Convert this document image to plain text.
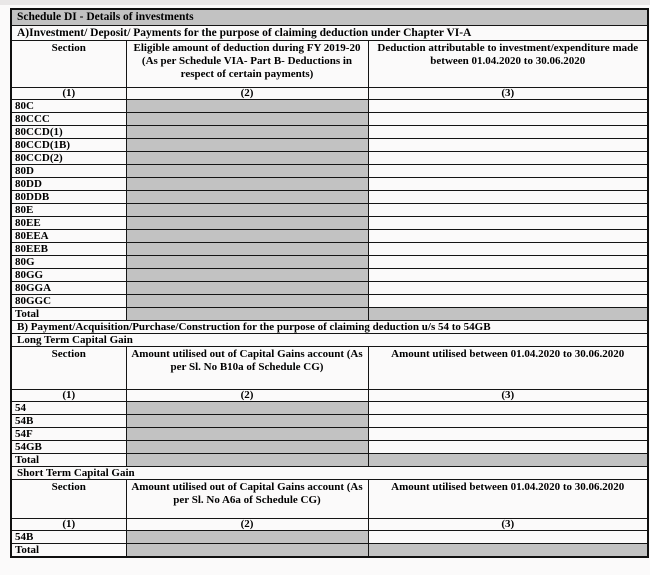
Schedule DI - Details of investments		
A)Investment/ Deposit/ Payments for the purpose of claiming deduction under Chapter VI-A		
Section	Eligible amount of deduction during FY 2019-20 (As per Schedule VIA- Part B- Deductions in respect of certain payments)	Deduction attributable to investment/expenditure made between 01.04.2020 to 30.06.2020
(1)	(2)	(3)
80C		
80CCC		
80CCD(1)		
80CCD(1B)		
80CCD(2)		
80D		
80DD		
80DDB		
80E		
80EE		
80EEA		
80EEB		
80G		
80GG		
80GGA		
80GGC		
Total		
B) Payment/Acquisition/Purchase/Construction for the purpose of claiming deduction u/s 54 to 54GB		
Long Term Capital Gain		
Section	Amount utilised out of Capital Gains account (As per Sl. No B10a of Schedule CG)	Amount utilised between 01.04.2020 to 30.06.2020
(1)	(2)	(3)
54		
54B		
54F		
54GB		
Total		
Short Term Capital Gain		
Section	Amount utilised out of Capital Gains account (As per Sl. No A6a of Schedule CG)	Amount utilised between 01.04.2020 to 30.06.2020
(1)	(2)	(3)
54B		
Total		
